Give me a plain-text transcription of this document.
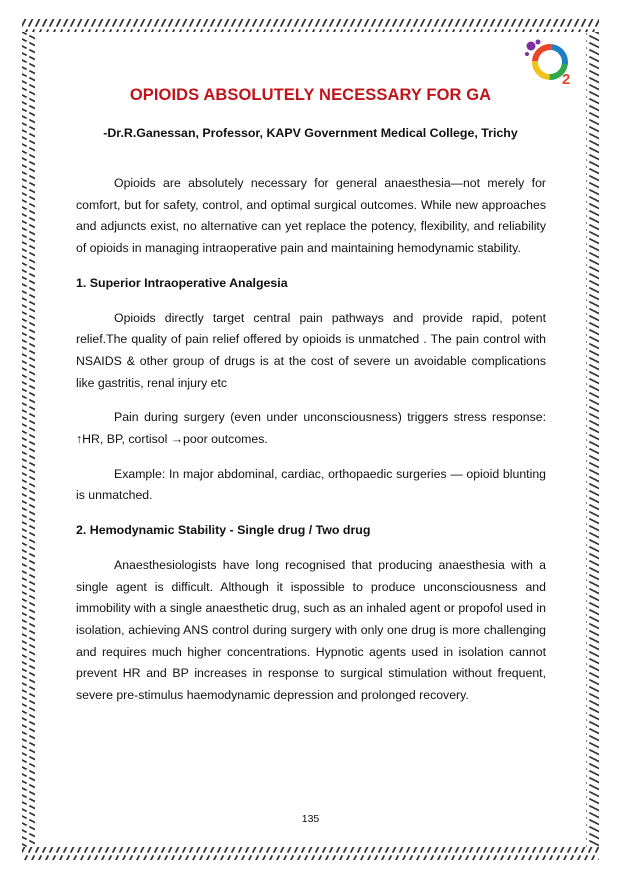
2
OPIOIDS ABSOLUTELY NECESSARY FOR GA

-Dr.R.Ganessan, Professor, KAPV Government Medical College, Trichy

Opioids are absolutely necessary for general anaesthesia—not merely for comfort, but for safety, control, and optimal surgical outcomes. While new approaches and adjuncts exist, no alternative can yet replace the potency, flexibility, and reliability of opioids in managing intraoperative pain and maintaining hemodynamic stability.

1. Superior Intraoperative Analgesia

Opioids directly target central pain pathways and provide rapid, potent relief.The quality of pain relief offered by opioids is unmatched . The pain control with NSAIDS & other group of drugs is at the cost of severe un avoidable complications like gastritis, renal injury etc

Pain during surgery (even under unconsciousness) triggers stress response: ↑HR, BP, cortisol →poor outcomes.

Example: In major abdominal, cardiac, orthopaedic surgeries — opioid blunting is unmatched.

2. Hemodynamic Stability - Single drug / Two drug

Anaesthesiologists have long recognised that producing anaesthesia with a single agent is difficult. Although it ispossible to produce unconsciousness and immobility with a single anaesthetic drug, such as an inhaled agent or propofol used in isolation, achieving ANS control during surgery with only one drug is more challenging and requires much higher concentrations. Hypnotic agents used in isolation cannot prevent HR and BP increases in response to surgical stimulation without frequent, severe pre-stimulus haemodynamic depression and prolonged recovery.

135
